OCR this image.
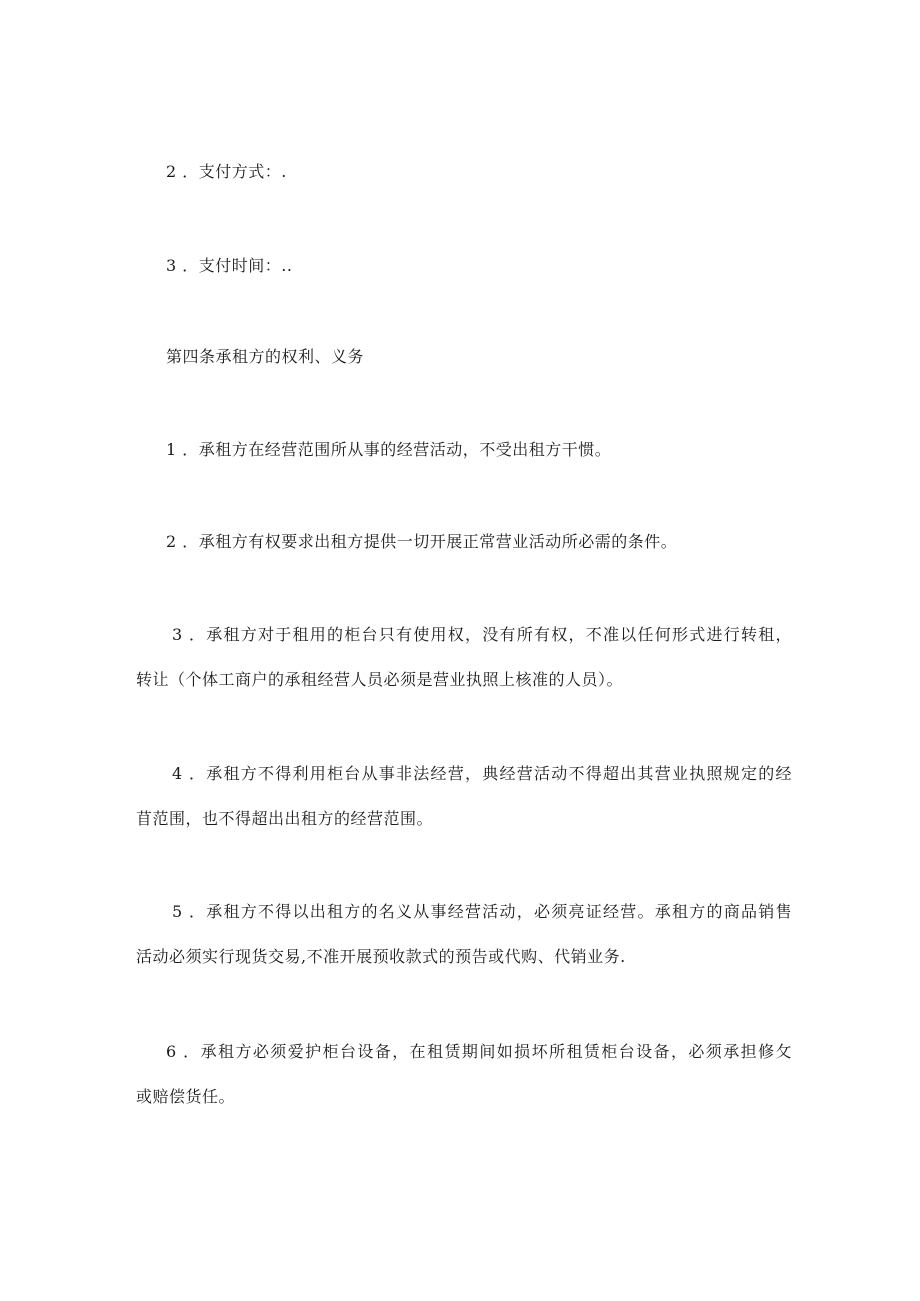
2 ．支付方式：.
3 ．支付时间：..
第四条承租方的权利、义务
1 ．承租方在经营范围所从事的经营活动，不受出租方干惯。
2 ．承租方有权要求出租方提供一切开展正常营业活动所必需的条件。
3 ．承租方对于租用的柜台只有使用权，没有所有权，不准以任何形式进行转租，
转让（个体工商户的承租经营人员必须是营业执照上核准的人员）。
4 ．承租方不得利用柜台从事非法经营，典经营活动不得超出其营业执照规定的经
苜范围，也不得超出出租方的经营范围。
5 ．承租方不得以出租方的名义从事经营活动，必须亮证经营。承租方的商品销售
活动必须实行现货交易,不准开展预收款式的预告或代购、代销业务.
6 ．承租方必须爱护柜台设备，在租赁期间如损坏所租赁柜台设备，必须承担修攵
或赔偿货任。
